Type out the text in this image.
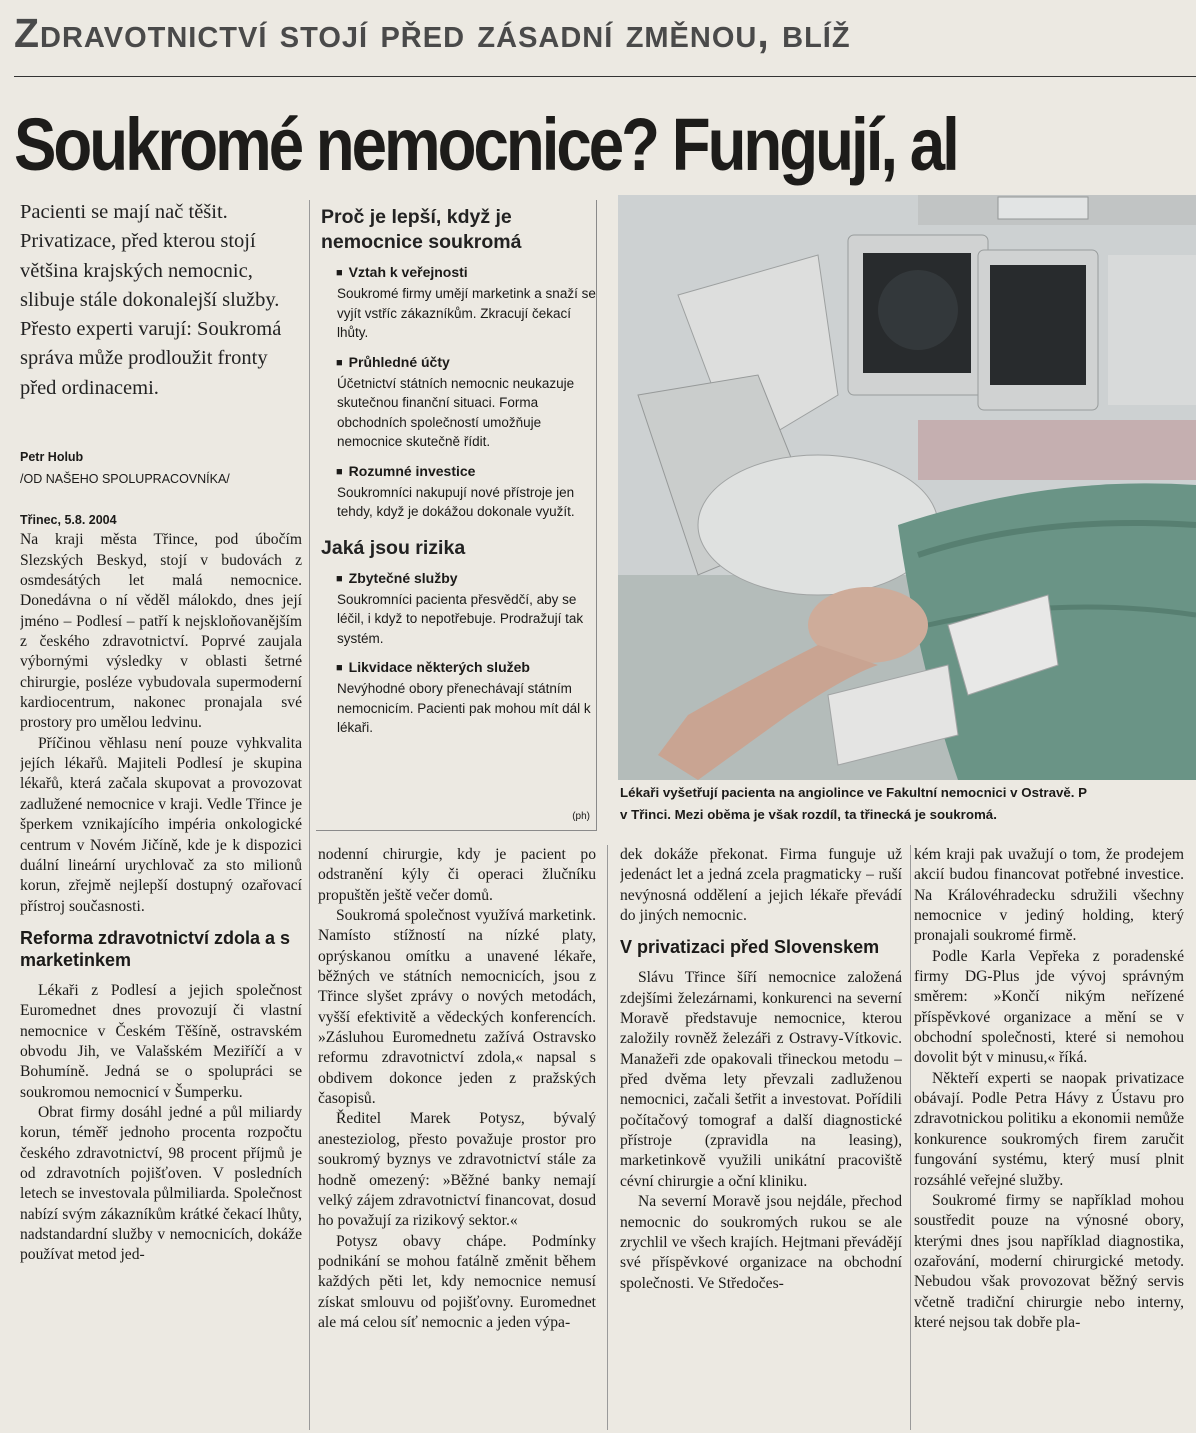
Zdravotnictví stojí před zásadní změnou, blíž
Soukromé nemocnice? Fungují, al

Pacienti se mají nač těšit. Privatizace, před kterou stojí většina krajských nemocnic, slibuje stále dokonalejší služby. Přesto experti varují: Soukromá správa může prodloužit fronty před ordinacemi.

Petr Holub
/OD NAŠEHO SPOLUPRACOVNÍKA/

Třinec, 5.8. 2004

Na kraji města Třince, pod úbočím Slezských Beskyd, stojí v budovách z osmdesátých let malá nemocnice. Donedávna o ní věděl málokdo, dnes její jméno – Podlesí – patří k nejskloňovanějším z českého zdravotnictví. Poprvé zaujala výbornými výsledky v oblasti šetrné chirurgie, posléze vybudovala supermoderní kardiocentrum, nakonec pronajala své prostory pro umělou ledvinu.

Příčinou věhlasu není pouze vyhkvalita jejích lékařů. Majiteli Podlesí je skupina lékařů, která začala skupovat a provozovat zadlužené nemocnice v kraji. Vedle Třince je šperkem vznikajícího impéria onkologické centrum v Novém Jičíně, kde je k dispozici duální lineární urychlovač za sto milionů korun, zřejmě nejlepší dostupný ozařovací přístroj současnosti.

Reforma zdravotnictví zdola a s marketinkem

Lékaři z Podlesí a jejich společnost Euromednet dnes provozují či vlastní nemocnice v Českém Těšíně, ostravském obvodu Jih, ve Valašském Meziříčí a v Bohumíně. Jedná se o spolupráci se soukromou nemocnicí v Šumperku.

Obrat firmy dosáhl jedné a půl miliardy korun, téměř jednoho procenta rozpočtu českého zdravotnictví, 98 procent příjmů je od zdravotních pojišťoven. V posledních letech se investovala půlmiliarda. Společnost nabízí svým zákazníkům krátké čekací lhůty, nadstandardní služby v nemocnicích, dokáže používat metod jed-

Proč je lepší, když je nemocnice soukromá
■ Vztah k veřejnosti
Soukromé firmy umějí marketink a snaží se vyjít vstříc zákazníkům. Zkracují čekací lhůty.
■ Průhledné účty
Účetnictví státních nemocnic neukazuje skutečnou finanční situaci. Forma obchodních společností umožňuje nemocnice skutečně řídit.
■ Rozumné investice
Soukromníci nakupují nové přístroje jen tehdy, když je dokážou dokonale využít.
Jaká jsou rizika
■ Zbytečné služby
Soukromníci pacienta přesvědčí, aby se léčil, i když to nepotřebuje. Prodražují tak systém.
■ Likvidace některých služeb
Nevýhodné obory přenechávají státním nemocnicím. Pacienti pak mohou mít dál k lékaři.
(ph)
Lékaři vyšetřují pacienta na angiolince ve Fakultní nemocnici v Ostravě. P
v Třinci. Mezi oběma je však rozdíl, ta třinecká je soukromá.

nodenní chirurgie, kdy je pacient po odstranění kýly či operaci žlučníku propuštěn ještě večer domů.

Soukromá společnost využívá marketink. Namísto stížností na nízké platy, oprýskanou omítku a unavené lékaře, běžných ve státních nemocnicích, jsou z Třince slyšet zprávy o nových metodách, vyšší efektivitě a vědeckých konferencích. »Zásluhou Euromednetu zažívá Ostravsko reformu zdravotnictví zdola,« napsal s obdivem dokonce jeden z pražských časopisů.

Ředitel Marek Potysz, bývalý anesteziolog, přesto považuje prostor pro soukromý byznys ve zdravotnictví stále za hodně omezený: »Běžné banky nemají velký zájem zdravotnictví financovat, dosud ho považují za rizikový sektor.«

Potysz obavy chápe. Podmínky podnikání se mohou fatálně změnit během každých pěti let, kdy nemocnice nemusí získat smlouvu od pojišťovny. Euromednet ale má celou síť nemocnic a jeden výpa-

dek dokáže překonat. Firma funguje už jedenáct let a jedná zcela pragmaticky – ruší nevýnosná oddělení a jejich lékaře převádí do jiných nemocnic.

V privatizaci před Slovenskem

Slávu Třince šíří nemocnice založená zdejšími železárnami, konkurenci na severní Moravě představuje nemocnice, kterou založily rovněž železáři z Ostravy-Vítkovic. Manažeři zde opakovali třineckou metodu – před dvěma lety převzali zadluženou nemocnici, začali šetřit a investovat. Pořídili počítačový tomograf a další diagnostické přístroje (zpravidla na leasing), marketinkově využili unikátní pracoviště cévní chirurgie a oční kliniku.

Na severní Moravě jsou nejdále, přechod nemocnic do soukromých rukou se ale zrychlil ve všech krajích. Hejtmani převádějí své příspěvkové organizace na obchodní společnosti. Ve Středočes-

kém kraji pak uvažují o tom, že prodejem akcií budou financovat potřebné investice. Na Královéhradecku sdružili všechny nemocnice v jediný holding, který pronajali soukromé firmě.

Podle Karla Vepřeka z poradenské firmy DG-Plus jde vývoj správným směrem: »Končí nikým neřízené příspěvkové organizace a mění se v obchodní společnosti, které si nemohou dovolit být v minusu,« říká.

Někteří experti se naopak privatizace obávají. Podle Petra Hávy z Ústavu pro zdravotnickou politiku a ekonomii nemůže konkurence soukromých firem zaručit fungování systému, který musí plnit rozsáhlé veřejné služby.

Soukromé firmy se například mohou soustředit pouze na výnosné obory, kterými dnes jsou například diagnostika, ozařování, moderní chirurgické metody. Nebudou však provozovat běžný servis včetně tradiční chirurgie nebo interny, které nejsou tak dobře pla-
